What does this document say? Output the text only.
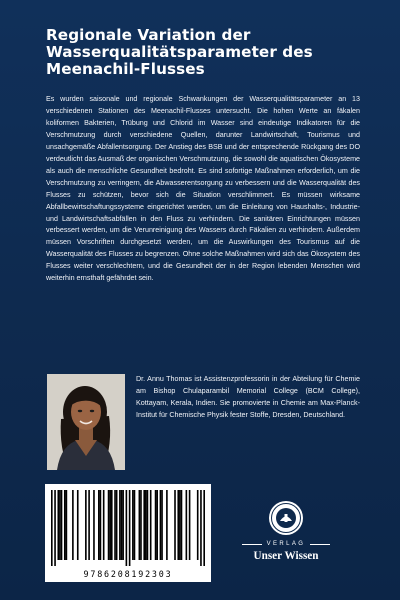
Regionale Variation der Wasserqualitätsparameter des Meenachil-Flusses

Es wurden saisonale und regionale Schwankungen der Wasserqualitätsparameter an 13 verschiedenen Stationen des Meenachil-Flusses untersucht. Die hohen Werte an fäkalen koliformen Bakterien, Trübung und Chlorid im Wasser sind eindeutige Indikatoren für die Verschmutzung durch verschiedene Quellen, darunter Landwirtschaft, Tourismus und unsachgemäße Abfallentsorgung. Der Anstieg des BSB und der entsprechende Rückgang des DO verdeutlicht das Ausmaß der organischen Verschmutzung, die sowohl die aquatischen Ökosysteme als auch die menschliche Gesundheit bedroht. Es sind sofortige Maßnahmen erforderlich, um die Verschmutzung zu verringern, die Abwasserentsorgung zu verbessern und die Wasserqualität des Flusses zu schützen, bevor sich die Situation verschlimmert. Es müssen wirksame Abfallbewirtschaftungssysteme eingerichtet werden, um die Einleitung von Haushalts-, Industrie- und Landwirtschaftsabfällen in den Fluss zu verhindern. Die sanitären Einrichtungen müssen verbessert werden, um die Verunreinigung des Wassers durch Fäkalien zu verhindern. Außerdem müssen Vorschriften durchgesetzt werden, um die Auswirkungen des Tourismus auf die Wasserqualität des Flusses zu begrenzen. Ohne solche Maßnahmen wird sich das Ökosystem des Flusses weiter verschlechtern, und die Gesundheit der in der Region lebenden Menschen wird weiterhin ernsthaft gefährdet sein.

Dr. Annu Thomas ist Assistenzprofessorin in der Abteilung für Chemie am Bishop Chulaparambil Memorial College (BCM College), Kottayam, Kerala, Indien. Sie promovierte in Chemie am Max-Planck-Institut für Chemische Physik fester Stoffe, Dresden, Deutschland.

9786208192303
VERLAG
Unser Wissen
